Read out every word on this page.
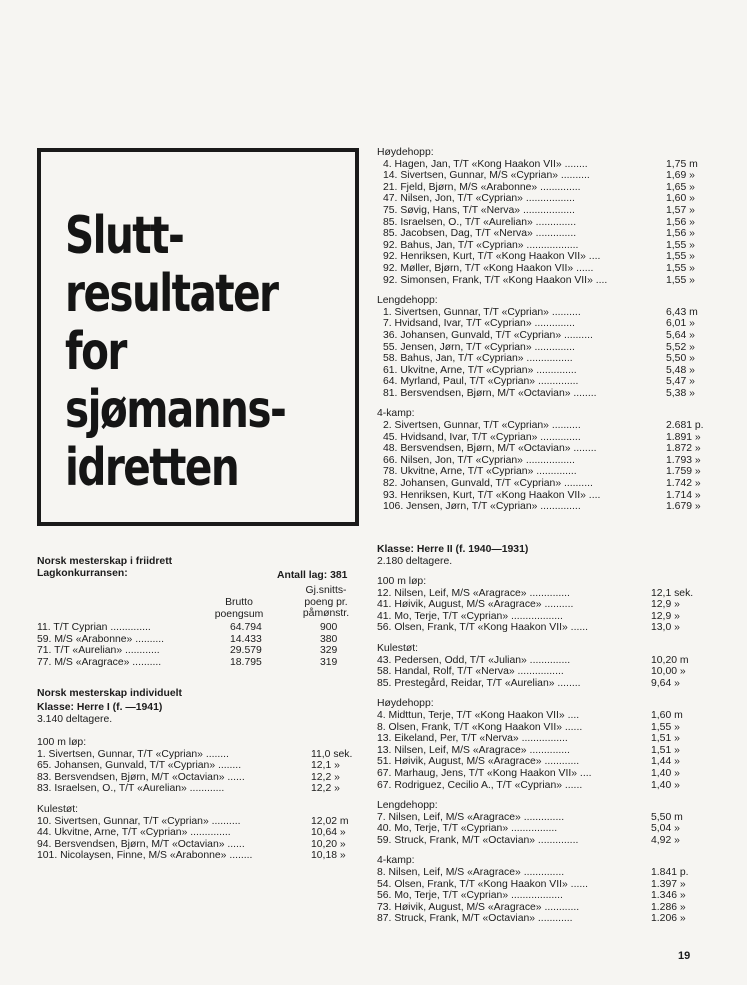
Slutt-
resultater
for
sjømanns-
idretten
Norsk mesterskap i friidrett
Lagkonkurransen:	Antall lag: 381
Brutto
poengsum
Gj.snitts-
poeng pr.
påmønstr.
11. T/T Cyprian ..............	64.794	900
59. M/S «Arabonne» ..........	14.433	380
71. T/T «Aurelian» ............	29.579	329
77. M/S «Aragrace» ..........	18.795	319
Norsk mesterskap individuelt
Klasse: Herre I (f. —1941)
3.140 deltagere.
100 m løp:
1. Sivertsen, Gunnar, T/T «Cyprian» ........	11,0 sek.
65. Johansen, Gunvald, T/T «Cyprian» ........	12,1 »
83. Bersvendsen, Bjørn, M/T «Octavian» ......	12,2 »
83. Israelsen, O., T/T «Aurelian» ............	12,2 »
Kulestøt:
10. Sivertsen, Gunnar, T/T «Cyprian» ..........	12,02 m
44. Ukvitne, Arne, T/T «Cyprian» ..............	10,64 »
94. Bersvendsen, Bjørn, M/T «Octavian» ......	10,20 »
101. Nicolaysen, Finne, M/S «Arabonne» ........	10,18 »
Høydehopp:
4. Hagen, Jan, T/T «Kong Haakon VII» ........	1,75 m
14. Sivertsen, Gunnar, M/S «Cyprian» ..........	1,69 »
21. Fjeld, Bjørn, M/S «Arabonne» ..............	1,65 »
47. Nilsen, Jon, T/T «Cyprian» .................	1,60 »
75. Søvig, Hans, T/T «Nerva» ..................	1,57 »
85. Israelsen, O., T/T «Aurelian» ..............	1,56 »
85. Jacobsen, Dag, T/T «Nerva» ..............	1,56 »
92. Bahus, Jan, T/T «Cyprian» ..................	1,55 »
92. Henriksen, Kurt, T/T «Kong Haakon VII» ....	1,55 »
92. Møller, Bjørn, T/T «Kong Haakon VII» ......	1,55 »
92. Simonsen, Frank, T/T «Kong Haakon VII» ....	1,55 »
Lengdehopp:
1. Sivertsen, Gunnar, T/T «Cyprian» ..........	6,43 m
7. Hvidsand, Ivar, T/T «Cyprian» ..............	6,01 »
36. Johansen, Gunvald, T/T «Cyprian» ..........	5,64 »
55. Jensen, Jørn, T/T «Cyprian» ..............	5,52 »
58. Bahus, Jan, T/T «Cyprian» ................	5,50 »
61. Ukvitne, Arne, T/T «Cyprian» ..............	5,48 »
64. Myrland, Paul, T/T «Cyprian» ..............	5,47 »
81. Bersvendsen, Bjørn, M/T «Octavian» ........	5,38 »
4-kamp:
2. Sivertsen, Gunnar, T/T «Cyprian» ..........	2.681 p.
45. Hvidsand, Ivar, T/T «Cyprian» ..............	1.891 »
48. Bersvendsen, Bjørn, M/T «Octavian» ........	1.872 »
66. Nilsen, Jon, T/T «Cyprian» .................	1.793 »
78. Ukvitne, Arne, T/T «Cyprian» ..............	1.759 »
82. Johansen, Gunvald, T/T «Cyprian» ..........	1.742 »
93. Henriksen, Kurt, T/T «Kong Haakon VII» ....	1.714 »
106. Jensen, Jørn, T/T «Cyprian» ..............	1.679 »
Klasse: Herre II (f. 1940—1931)
2.180 deltagere.
100 m løp:
12. Nilsen, Leif, M/S «Aragrace» ..............	12,1 sek.
41. Høivik, August, M/S «Aragrace» ..........	12,9 »
41. Mo, Terje, T/T «Cyprian» ..................	12,9 »
56. Olsen, Frank, T/T «Kong Haakon VII» ......	13,0 »
Kulestøt:
43. Pedersen, Odd, T/T «Julian» ..............	10,20 m
58. Handal, Rolf, T/T «Nerva» ................	10,00 »
85. Prestegård, Reidar, T/T «Aurelian» ........	9,64 »
Høydehopp:
4. Midttun, Terje, T/T «Kong Haakon VII» ....	1,60 m
8. Olsen, Frank, T/T «Kong Haakon VII» ......	1,55 »
13. Eikeland, Per, T/T «Nerva» ................	1,51 »
13. Nilsen, Leif, M/S «Aragrace» ..............	1,51 »
51. Høivik, August, M/S «Aragrace» ............	1,44 »
67. Marhaug, Jens, T/T «Kong Haakon VII» ....	1,40 »
67. Rodriguez, Cecilio A., T/T «Cyprian» ......	1,40 »
Lengdehopp:
7. Nilsen, Leif, M/S «Aragrace» ..............	5,50 m
40. Mo, Terje, T/T «Cyprian» ................	5,04 »
59. Struck, Frank, M/T «Octavian» ..............	4,92 »
4-kamp:
8. Nilsen, Leif, M/S «Aragrace» ..............	1.841 p.
54. Olsen, Frank, T/T «Kong Haakon VII» ......	1.397 »
56. Mo, Terje, T/T «Cyprian» ..................	1.346 »
73. Høivik, August, M/S «Aragrace» ............	1.286 »
87. Struck, Frank, M/T «Octavian» ............	1.206 »
19
